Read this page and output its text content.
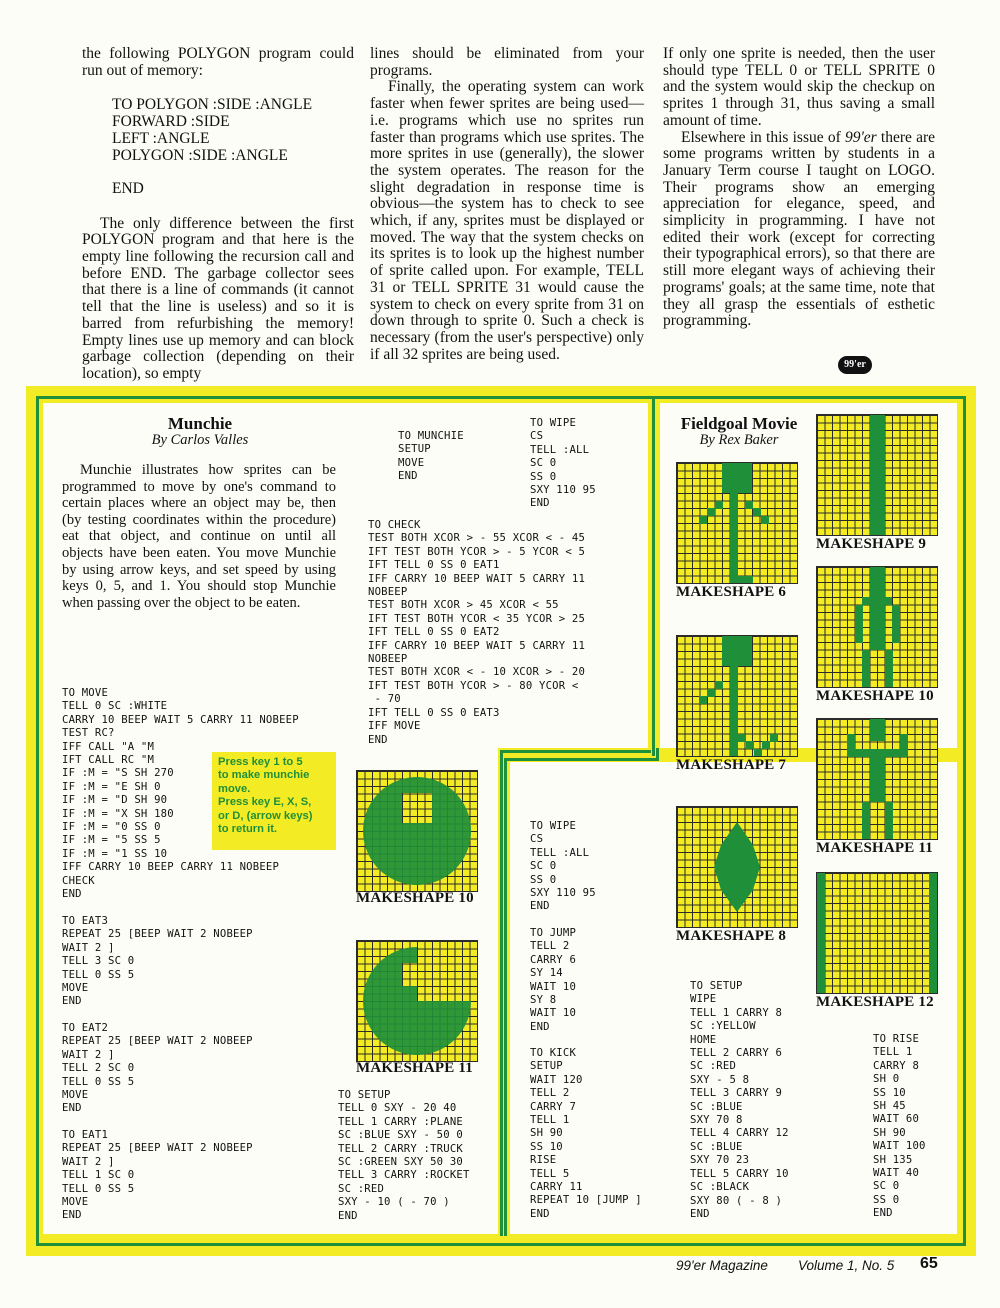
the following POLYGON program could run out of memory:

TO POLYGON :SIDE :ANGLE
FORWARD :SIDE
LEFT :ANGLE
POLYGON :SIDE :ANGLE

END

The only difference between the first POLYGON program and that here is the empty line following the recursion call and before END. The garbage collector sees that there is a line of commands (it cannot tell that the line is useless) and so it is barred from refurbishing the memory! Empty lines use up memory and can block garbage collection (depending on their location), so empty

lines should be eliminated from your programs.

Finally, the operating system can work faster when fewer sprites are being used—i.e. programs which use no sprites run faster than programs which use sprites. The more sprites in use (generally), the slower the system operates. The reason for the slight degradation in response time is obvious—the system has to check to see which, if any, sprites must be displayed or moved. The way that the system checks on its sprites is to look up the highest number of sprite called upon. For example, TELL 31 or TELL SPRITE 31 would cause the system to check on every sprite from 31 on down through to sprite 0. Such a check is necessary (from the user's perspective) only if all 32 sprites are being used.

If only one sprite is needed, then the user should type TELL 0 or TELL SPRITE 0 and the system would skip the checkup on sprites 1 through 31, thus saving a small amount of time.

Elsewhere in this issue of 99'er there are some programs written by students in a January Term course I taught on LOGO. Their programs show an emerging appreciation for elegance, speed, and simplicity in programming. I have not edited their work (except for correcting their typographical errors), so that there are still more elegant ways of achieving their programs' goals; at the same time, note that they all grasp the essentials of esthetic programming.

99'er
Munchie
By Carlos Valles
Munchie illustrates how sprites can be programmed to move by one's command to certain places where an object may be, then (by testing coordinates within the procedure) eat that object, and continue on until all objects have been eaten. You move Munchie by using arrow keys, and set speed by using keys 0, 5, and 1. You should stop Munchie when passing over the object to be eaten.
TO MOVE
TELL 0 SC :WHITE
CARRY 10 BEEP WAIT 5 CARRY 11 NOBEEP
TEST RC?
IFF CALL "A "M
IFT CALL RC "M
IF :M = "S SH 270
IF :M = "E SH 0
IF :M = "D SH 90
IF :M = "X SH 180
IF :M = "0 SS 0
IF :M = "5 SS 5
IF :M = "1 SS 10
IFF CARRY 10 BEEP CARRY 11 NOBEEP
CHECK
END
TO EAT3
REPEAT 25 [BEEP WAIT 2 NOBEEP
WAIT 2 ]
TELL 3 SC 0
TELL 0 SS 5
MOVE
END
TO EAT2
REPEAT 25 [BEEP WAIT 2 NOBEEP
WAIT 2 ]
TELL 2 SC 0
TELL 0 SS 5
MOVE
END
TO EAT1
REPEAT 25 [BEEP WAIT 2 NOBEEP
WAIT 2 ]
TELL 1 SC 0
TELL 0 SS 5
MOVE
END
TO MUNCHIE
SETUP
MOVE
END
TO WIPE
CS
TELL :ALL
SC 0
SS 0
SXY 110 95
END
TO CHECK
TEST BOTH XCOR > - 55 XCOR < - 45
IFT TEST BOTH YCOR > - 5 YCOR < 5
IFT TELL 0 SS 0 EAT1
IFF CARRY 10 BEEP WAIT 5 CARRY 11
NOBEEP
TEST BOTH XCOR > 45 XCOR < 55
IFT TEST BOTH YCOR < 35 YCOR > 25
IFT TELL 0 SS 0 EAT2
IFF CARRY 10 BEEP WAIT 5 CARRY 11
NOBEEP
TEST BOTH XCOR < - 10 XCOR > - 20
IFT TEST BOTH YCOR > - 80 YCOR <
- 70
IFT TELL 0 SS 0 EAT3
IFF MOVE
END
TO SETUP
TELL 0 SXY - 20 40
TELL 1 CARRY :PLANE
SC :BLUE SXY - 50 0
TELL 2 CARRY :TRUCK
SC :GREEN SXY 50 30
TELL 3 CARRY :ROCKET
SC :RED
SXY - 10 ( - 70 )
END
Press key 1 to 5
to make munchie
move.
Press key E, X, S,
or D, (arrow keys)
to return it.
MAKESHAPE 10
MAKESHAPE 11
Fieldgoal Movie
By Rex Baker
MAKESHAPE 6
MAKESHAPE 7
MAKESHAPE 8
MAKESHAPE 9
MAKESHAPE 10
MAKESHAPE 11
MAKESHAPE 12
TO WIPE
CS
TELL :ALL
SC 0
SS 0
SXY 110 95
END
TO JUMP
TELL 2
CARRY 6
SY 14
WAIT 10
SY 8
WAIT 10
END
TO KICK
SETUP
WAIT 120
TELL 2
CARRY 7
TELL 1
SH 90
SS 10
RISE
TELL 5
CARRY 11
REPEAT 10 [JUMP ]
END
TO SETUP
WIPE
TELL 1 CARRY 8
SC :YELLOW
HOME
TELL 2 CARRY 6
SC :RED
SXY - 5 8
TELL 3 CARRY 9
SC :BLUE
SXY 70 8
TELL 4 CARRY 12
SC :BLUE
SXY 70 23
TELL 5 CARRY 10
SC :BLACK
SXY 80 ( - 8 )
END
TO RISE
TELL 1
CARRY 8
SH 0
SS 10
SH 45
WAIT 60
SH 90
WAIT 100
SH 135
WAIT 40
SC 0
SS 0
END
99'er Magazine Volume 1, No. 5 65
